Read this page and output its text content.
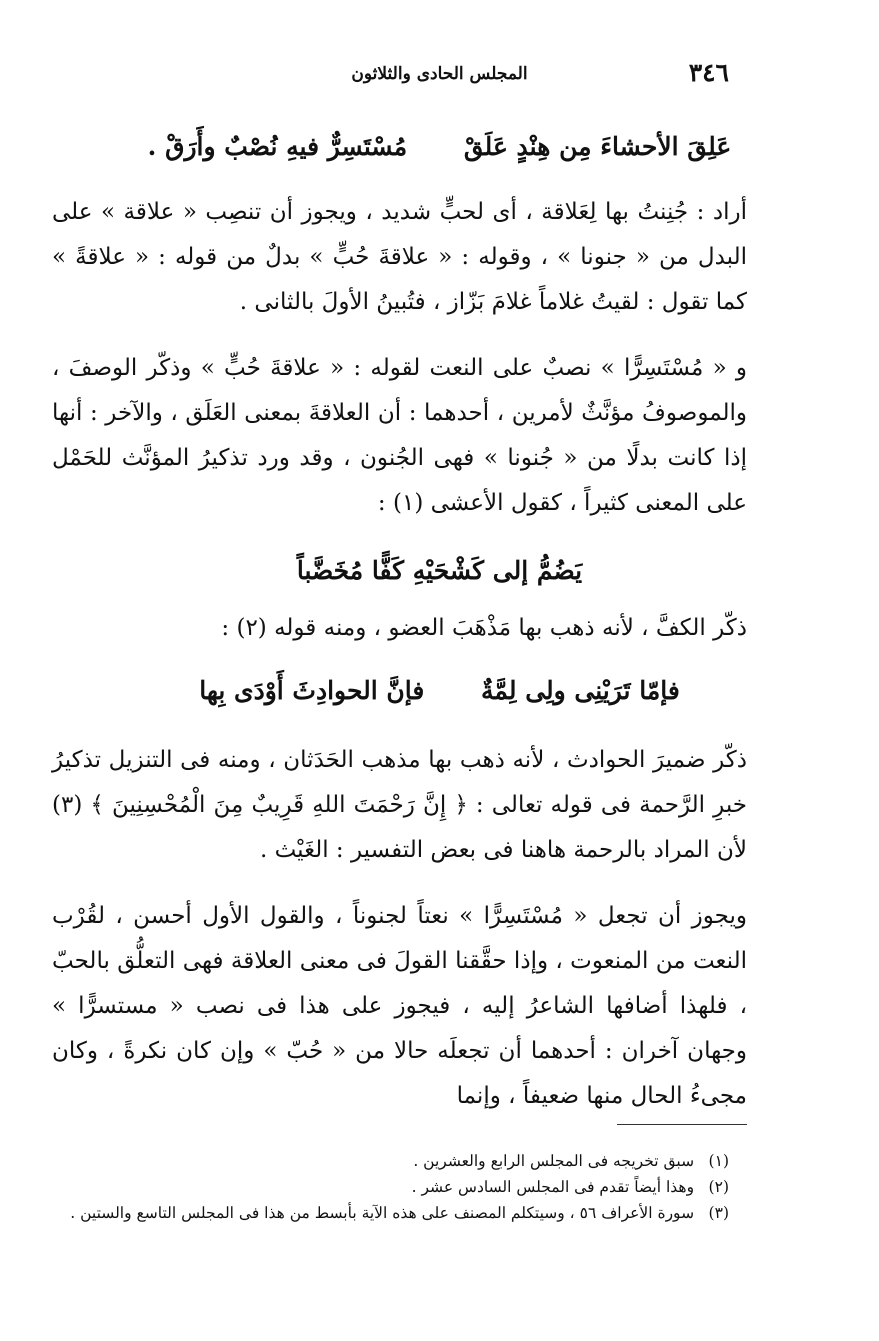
٣٤٦
المجلس الحادى والثلاثون
عَلِقَ الأحشاءَ مِن هِنْدٍ عَلَقْ مُسْتَسِرٌّ فيهِ نُصْبٌ وأَرَقْ .

أراد : جُنِنتُ بها لِعَلاقة ، أى لحبٍّ شديد ، ويجوز أن تنصِب « علاقة » على البدل من « جنونا » ، وقوله : « علاقةَ حُبٍّ » بدلٌ من قوله : « علاقةً » كما تقول : لقيتُ غلاماً غلامَ بَزّاز ، فتُبينُ الأولَ بالثانى .

و « مُسْتَسِرًّا » نصبٌ على النعت لقوله : « علاقةَ حُبٍّ » وذكّر الوصفَ ، والموصوفُ مؤنَّثٌ لأمرين ، أحدهما : أن العلاقةَ بمعنى العَلَق ، والآخر : أنها إذا كانت بدلًا من « جُنونا » فهى الجُنون ، وقد ورد تذكيرُ المؤنَّث للحَمْل على المعنى كثيراً ، كقول الأعشى (١) :

يَضُمُّ إلى كَشْحَيْهِ كَفًّا مُخَضَّباً

ذكّر الكفَّ ، لأنه ذهب بها مَذْهَبَ العضو ، ومنه قوله (٢) :

فإمّا تَرَيْنِى ولِى لِمَّةٌ فإنَّ الحوادِثَ أَوْدَى بِها

ذكّر ضميرَ الحوادث ، لأنه ذهب بها مذهب الحَدَثان ، ومنه فى التنزيل تذكيرُ خبرِ الرَّحمة فى قوله تعالى : ﴿ إِنَّ رَحْمَتَ اللهِ قَرِيبٌ مِنَ الْمُحْسِنِينَ ﴾ (٣) لأن المراد بالرحمة هاهنا فى بعض التفسير : الغَيْث .

ويجوز أن تجعل « مُسْتَسِرًّا » نعتاً لجنوناً ، والقول الأول أحسن ، لقُرْب النعت من المنعوت ، وإذا حقَّقنا القولَ فى معنى العلاقة فهى التعلُّق بالحبّ ، فلهذا أضافها الشاعرُ إليه ، فيجوز على هذا فى نصب « مستسرًّا » وجهان آخران : أحدهما أن تجعلَه حالا من « حُبّ » وإن كان نكرةً ، وكان مجىءُ الحال منها ضعيفاً ، وإنما

(١) سبق تخريجه فى المجلس الرابع والعشرين .
(٢) وهذا أيضاً تقدم فى المجلس السادس عشر .
(٣) سورة الأعراف ٥٦ ، وسيتكلم المصنف على هذه الآية بأبسط من هذا فى المجلس التاسع والستين .
